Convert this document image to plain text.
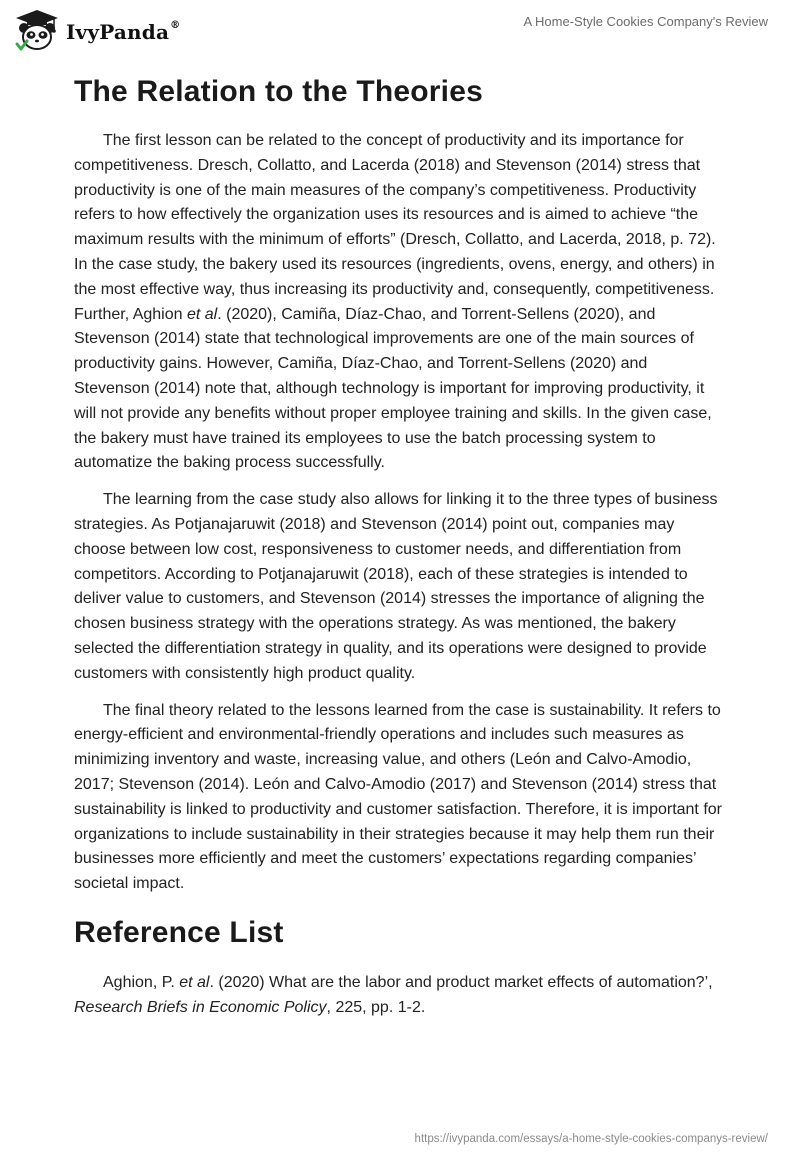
IvyPanda®	A Home-Style Cookies Company's Review
The Relation to the Theories

The first lesson can be related to the concept of productivity and its importance for competitiveness. Dresch, Collatto, and Lacerda (2018) and Stevenson (2014) stress that productivity is one of the main measures of the company’s competitiveness. Productivity refers to how effectively the organization uses its resources and is aimed to achieve “the maximum results with the minimum of efforts” (Dresch, Collatto, and Lacerda, 2018, p. 72). In the case study, the bakery used its resources (ingredients, ovens, energy, and others) in the most effective way, thus increasing its productivity and, consequently, competitiveness. Further, Aghion et al. (2020), Camiña, Díaz-Chao, and Torrent-Sellens (2020), and Stevenson (2014) state that technological improvements are one of the main sources of productivity gains. However, Camiña, Díaz-Chao, and Torrent-Sellens (2020) and Stevenson (2014) note that, although technology is important for improving productivity, it will not provide any benefits without proper employee training and skills. In the given case, the bakery must have trained its employees to use the batch processing system to automatize the baking process successfully.

The learning from the case study also allows for linking it to the three types of business strategies. As Potjanajaruwit (2018) and Stevenson (2014) point out, companies may choose between low cost, responsiveness to customer needs, and differentiation from competitors. According to Potjanajaruwit (2018), each of these strategies is intended to deliver value to customers, and Stevenson (2014) stresses the importance of aligning the chosen business strategy with the operations strategy. As was mentioned, the bakery selected the differentiation strategy in quality, and its operations were designed to provide customers with consistently high product quality.

The final theory related to the lessons learned from the case is sustainability. It refers to energy-efficient and environmental-friendly operations and includes such measures as minimizing inventory and waste, increasing value, and others (León and Calvo-Amodio, 2017; Stevenson (2014). León and Calvo-Amodio (2017) and Stevenson (2014) stress that sustainability is linked to productivity and customer satisfaction. Therefore, it is important for organizations to include sustainability in their strategies because it may help them run their businesses more efficiently and meet the customers’ expectations regarding companies’ societal impact.

Reference List

Aghion, P. et al. (2020) What are the labor and product market effects of automation?’, Research Briefs in Economic Policy, 225, pp. 1-2.

https://ivypanda.com/essays/a-home-style-cookies-companys-review/
